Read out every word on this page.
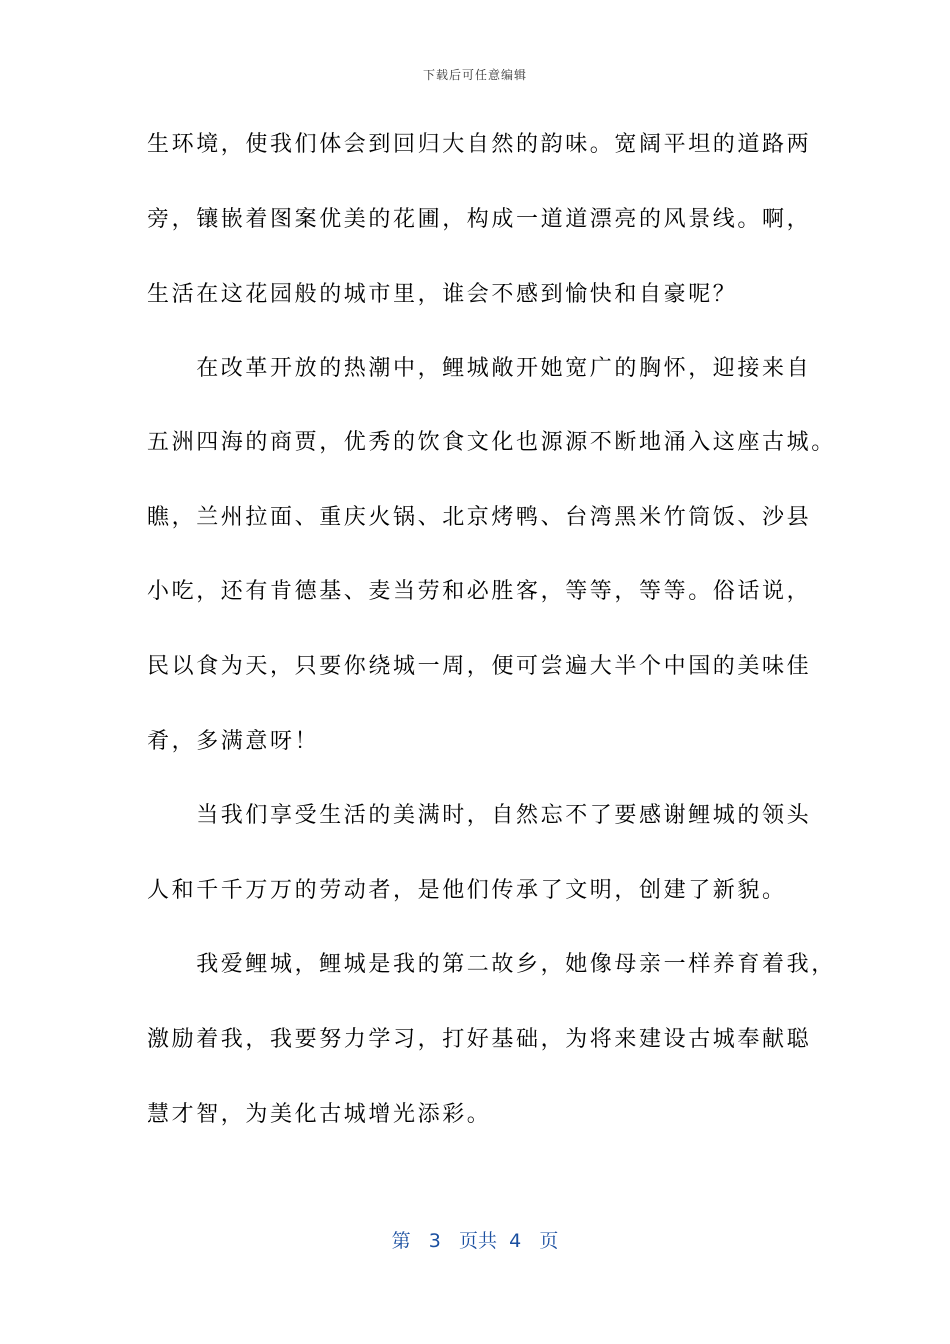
下载后可任意编辑
生环境，使我们体会到回归大自然的韵味。宽阔平坦的道路两
旁，镶嵌着图案优美的花圃，构成一道道漂亮的风景线。啊，
生活在这花园般的城市里，谁会不感到愉快和自豪呢？
　　在改革开放的热潮中，鲤城敞开她宽广的胸怀，迎接来自
五洲四海的商贾，优秀的饮食文化也源源不断地涌入这座古城。
瞧，兰州拉面、重庆火锅、北京烤鸭、台湾黑米竹筒饭、沙县
小吃，还有肯德基、麦当劳和必胜客，等等，等等。俗话说，
民以食为天，只要你绕城一周，便可尝遍大半个中国的美味佳
肴，多满意呀！
　　当我们享受生活的美满时，自然忘不了要感谢鲤城的领头
人和千千万万的劳动者，是他们传承了文明，创建了新貌。
　　我爱鲤城，鲤城是我的第二故乡，她像母亲一样养育着我，
激励着我，我要努力学习，打好基础，为将来建设古城奉献聪
慧才智，为美化古城增光添彩。
第 3 页共 4 页
